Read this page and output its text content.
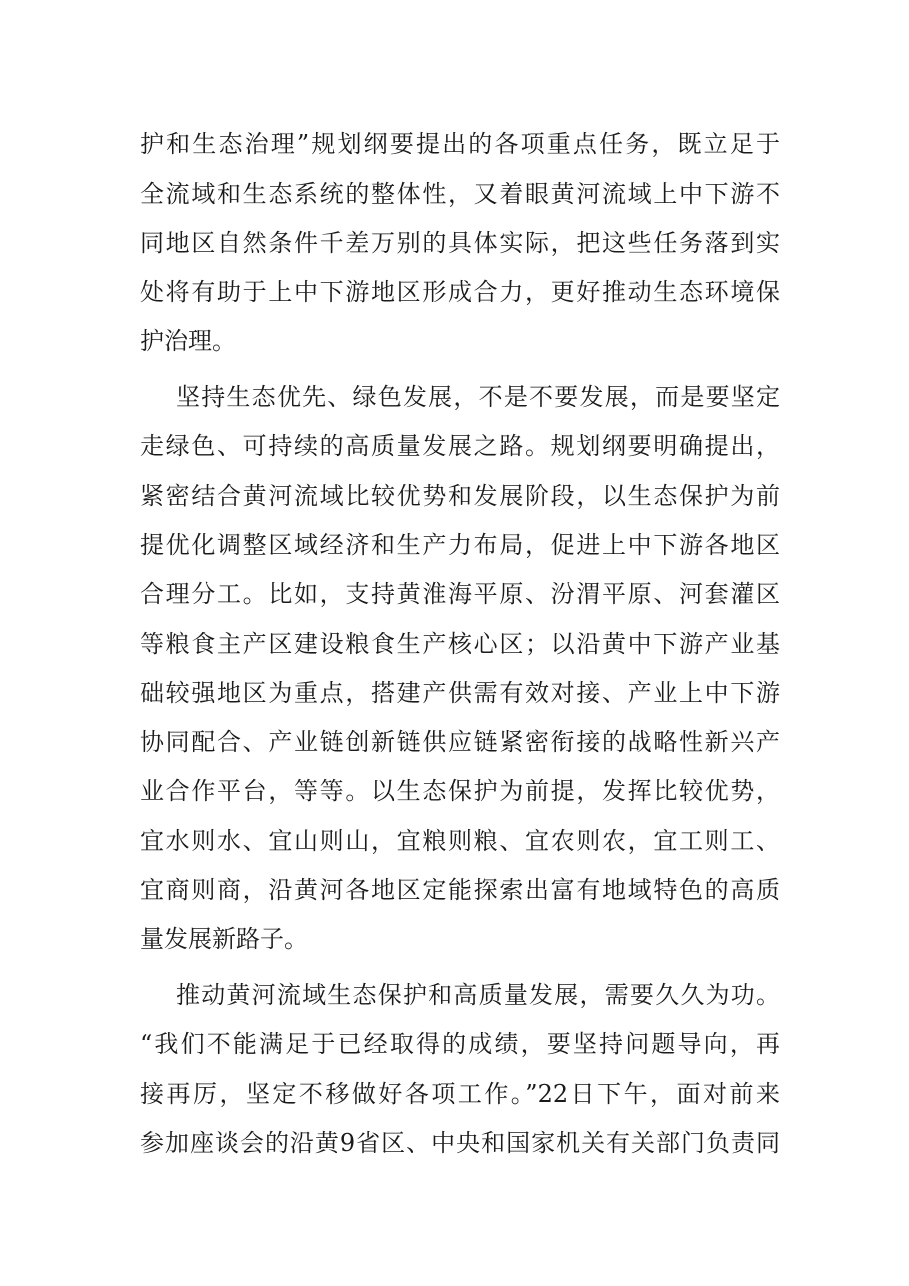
护和生态治理”规划纲要提出的各项重点任务，既立足于
全流域和生态系统的整体性，又着眼黄河流域上中下游不
同地区自然条件千差万别的具体实际，把这些任务落到实
处将有助于上中下游地区形成合力，更好推动生态环境保
护治理。
坚持生态优先、绿色发展，不是不要发展，而是要坚定
走绿色、可持续的高质量发展之路。规划纲要明确提出，
紧密结合黄河流域比较优势和发展阶段，以生态保护为前
提优化调整区域经济和生产力布局，促进上中下游各地区
合理分工。比如，支持黄淮海平原、汾渭平原、河套灌区
等粮食主产区建设粮食生产核心区；以沿黄中下游产业基
础较强地区为重点，搭建产供需有效对接、产业上中下游
协同配合、产业链创新链供应链紧密衔接的战略性新兴产
业合作平台，等等。以生态保护为前提，发挥比较优势，
宜水则水、宜山则山，宜粮则粮、宜农则农，宜工则工、
宜商则商，沿黄河各地区定能探索出富有地域特色的高质
量发展新路子。
推动黄河流域生态保护和高质量发展，需要久久为功。
“我们不能满足于已经取得的成绩，要坚持问题导向，再
接再厉，坚定不移做好各项工作。”22日下午，面对前来
参加座谈会的沿黄9省区、中央和国家机关有关部门负责同
